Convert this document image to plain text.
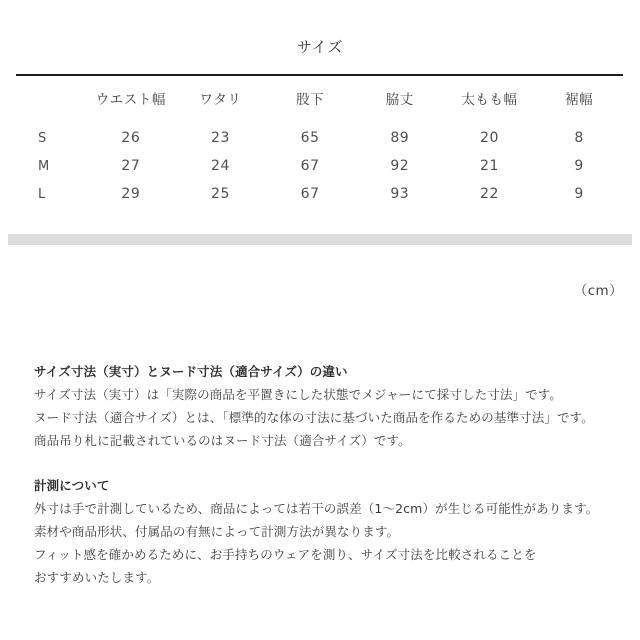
サイズ
	ウエスト幅	ワタリ	股下	脇丈	太もも幅	裾幅
S	26	23	65	89	20	8
M	27	24	67	92	21	9
L	29	25	67	93	22	9
（cm）
サイズ寸法（実寸）とヌード寸法（適合サイズ）の違い
サイズ寸法（実寸）は「実際の商品を平置きにした状態でメジャーにて採寸した寸法」です。
ヌード寸法（適合サイズ）とは、「標準的な体の寸法に基づいた商品を作るための基準寸法」です。
商品吊り札に記載されているのはヌード寸法（適合サイズ）です。
計測について
外寸は手で計測しているため、商品によっては若干の誤差（1〜2cm）が生じる可能性があります。
素材や商品形状、付属品の有無によって計測方法が異なります。
フィット感を確かめるために、お手持ちのウェアを測り、サイズ寸法を比較されることを
おすすめいたします。
